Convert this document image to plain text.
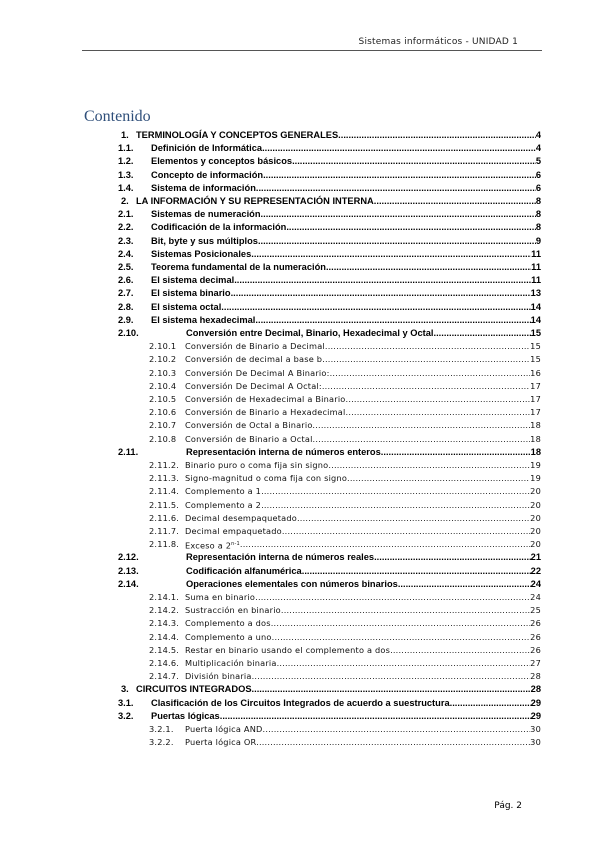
Sistemas informáticos - UNIDAD 1
Contenido
1. TERMINOLOGÍA Y CONCEPTOS GENERALES .....	4
1.1. Definición de Informática .....	4
1.2. Elementos y conceptos básicos .....	5
1.3. Concepto de información. .....	6
1.4. Sistema de información. .....	6
2. LA INFORMACIÓN Y SU REPRESENTACIÓN INTERNA .....	8
2.1. Sistemas de numeración .....	8
2.2. Codificación de la información .....	8
2.3. Bit, byte y sus múltiplos .....	9
2.4. Sistemas Posicionales. .....	11
2.5. Teorema fundamental de la numeración .....	11
2.6. El sistema decimal .....	11
2.7. El sistema binario. .....	13
2.8. El sistema octal .....	14
2.9. El sistema hexadecimal. .....	14
2.10.	Conversión entre Decimal, Binario, Hexadecimal y Octal. .....	15
2.10.1 Conversión de Binario a Decimal. .....	15
2.10.2 Conversión de decimal a base b. .....	15
2.10.3 Conversión De Decimal A Binario: .....	16
2.10.4 Conversión De Decimal A Octal: .....	17
2.10.5 Conversión de Hexadecimal a Binario .....	17
2.10.6 Conversión de Binario a Hexadecimal .....	17
2.10.7 Conversión de Octal a Binario. .....	18
2.10.8 Conversión de Binario a Octal. .....	18
2.11.	Representación interna de números enteros. .....	18
2.11.2. Binario puro o coma fija sin signo .....	19
2.11.3. Signo-magnitud o coma fija con signo .....	19
2.11.4. Complemento a 1 .....	20
2.11.5. Complemento a 2 .....	20
2.11.6. Decimal desempaquetado .....	20
2.11.7. Decimal empaquetado .....	20
2.11.8. Exceso a 2$^{n-1}$ .....	20
2.12.	Representación interna de números reales .....	21
2.13.	Codificación alfanumérica .....	22
2.14.	Operaciones elementales con números binarios. .....	24
2.14.1. Suma en binario .....	24
2.14.2. Sustracción en binario .....	25
2.14.3. Complemento a dos .....	26
2.14.4. Complemento a uno .....	26
2.14.5. Restar en binario usando el complemento a dos .....	26
2.14.6. Multiplicación binaria .....	27
2.14.7. División binaria .....	28
3. CIRCUITOS INTEGRADOS .....	28
3.1. Clasificación de los Circuitos Integrados de acuerdo a suestructura. .....	29
3.2. Puertas lógicas. .....	29
3.2.1. Puerta lógica AND. .....	30
3.2.2. Puerta lógica OR. .....	30
Pág. 2
